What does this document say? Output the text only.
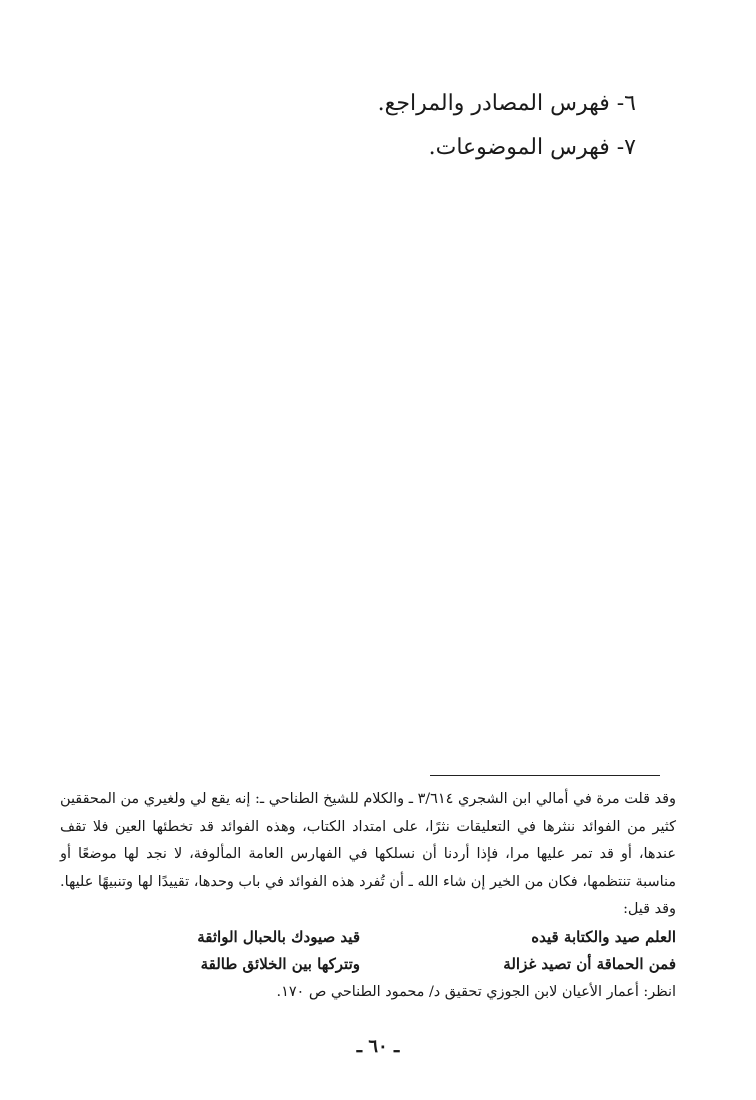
٦- فهرس المصادر والمراجع.
٧- فهرس الموضوعات.

وقد قلت مرة في أمالي ابن الشجري ٣/٦١٤ ـ والكلام للشيخ الطناحي ـ: إنه يقع لي ولغيري من المحققين كثير من الفوائد ننثرها في التعليقات نثرًا، على امتداد الكتاب، وهذه الفوائد قد تخطئها العين فلا تقف عندها، أو قد تمر عليها مرا، فإذا أردنا أن نسلكها في الفهارس العامة المألوفة، لا نجد لها موضعًا أو مناسبة تنتظمها، فكان من الخير إن شاء الله ـ أن تُفرد هذه الفوائد في باب وحدها، تقييدًا لها وتنبيهًا عليها. وقد قيل:

العلم صيد والكتابة قيده
قيد صيودك بالحبال الواثقة
فمن الحماقة أن تصيد غزالة
وتتركها بين الخلائق طالقة

انظر: أعمار الأعيان لابن الجوزي تحقيق د/ محمود الطناحي ص ١٧٠.

ـ ٦٠ ـ
